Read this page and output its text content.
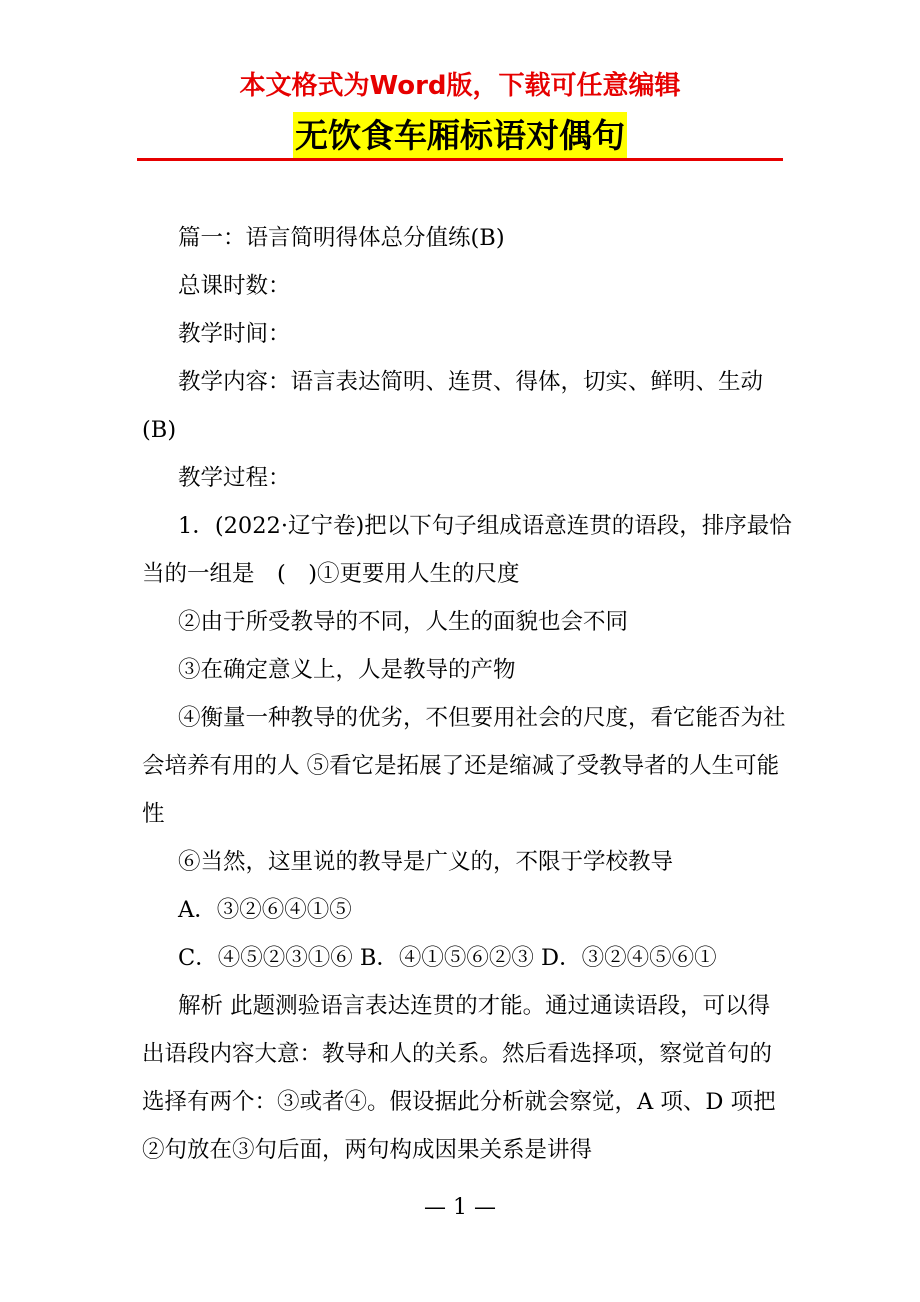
本文格式为Word版，下载可任意编辑
无饮食车厢标语对偶句

篇一：语言简明得体总分值练(B)

总课时数：

教学时间：

教学内容：语言表达简明、连贯、得体，切实、鲜明、生动(B)

教学过程：

1．(2022·辽宁卷)把以下句子组成语意连贯的语段，排序最恰当的一组是　(　)①更要用人生的尺度

②由于所受教导的不同，人生的面貌也会不同

③在确定意义上，人是教导的产物

④衡量一种教导的优劣，不但要用社会的尺度，看它能否为社会培养有用的人 ⑤看它是拓展了还是缩减了受教导者的人生可能性

⑥当然，这里说的教导是广义的，不限于学校教导

A．③②⑥④①⑤

C．④⑤②③①⑥ B．④①⑤⑥②③ D．③②④⑤⑥①

解析 此题测验语言表达连贯的才能。通过通读语段，可以得出语段内容大意：教导和人的关系。然后看选择项，察觉首句的选择有两个：③或者④。假设据此分析就会察觉，A 项、D 项把②句放在③句后面，两句构成因果关系是讲得

— 1 —
